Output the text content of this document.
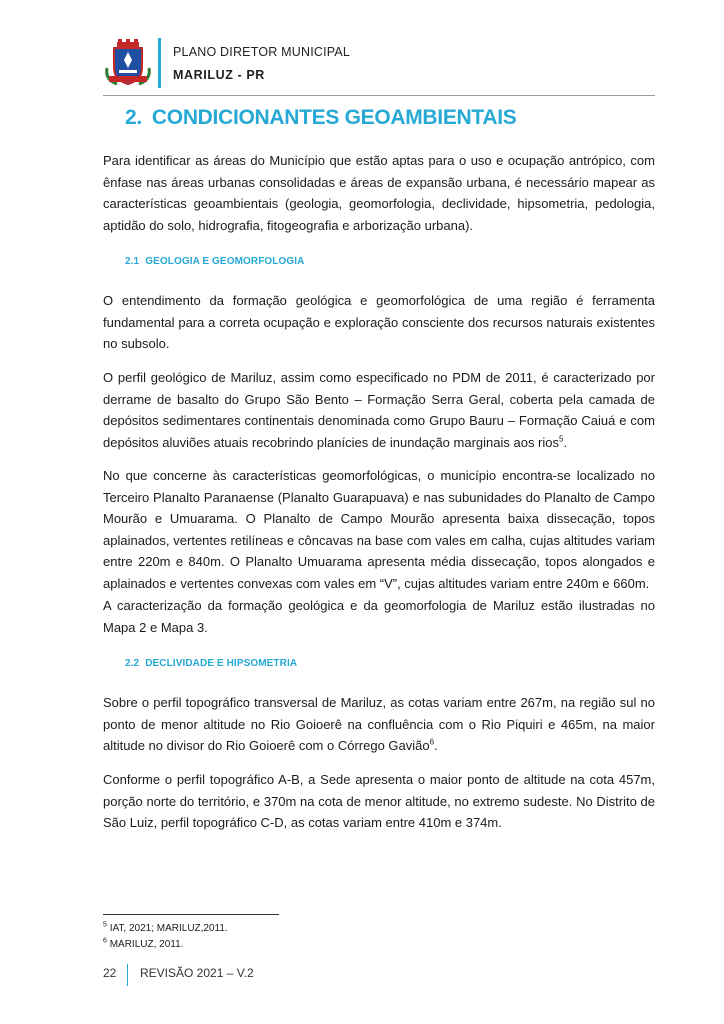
PLANO DIRETOR MUNICIPAL
MARILUZ - PR
2. CONDICIONANTES GEOAMBIENTAIS
Para identificar as áreas do Município que estão aptas para o uso e ocupação antrópico, com ênfase nas áreas urbanas consolidadas e áreas de expansão urbana, é necessário mapear as características geoambientais (geologia, geomorfologia, declividade, hipsometria, pedologia, aptidão do solo, hidrografia, fitogeografia e arborização urbana).
2.1 GEOLOGIA E GEOMORFOLOGIA
O entendimento da formação geológica e geomorfológica de uma região é ferramenta fundamental para a correta ocupação e exploração consciente dos recursos naturais existentes no subsolo.
O perfil geológico de Mariluz, assim como especificado no PDM de 2011, é caracterizado por derrame de basalto do Grupo São Bento – Formação Serra Geral, coberta pela camada de depósitos sedimentares continentais denominada como Grupo Bauru – Formação Caiuá e com depósitos aluviões atuais recobrindo planícies de inundação marginais aos rios$^5$.
No que concerne às características geomorfológicas, o município encontra-se localizado no Terceiro Planalto Paranaense (Planalto Guarapuava) e nas subunidades do Planalto de Campo Mourão e Umuarama. O Planalto de Campo Mourão apresenta baixa dissecação, topos aplainados, vertentes retilíneas e côncavas na base com vales em calha, cujas altitudes variam entre 220m e 840m. O Planalto Umuarama apresenta média dissecação, topos alongados e aplainados e vertentes convexas com vales em “V”, cujas altitudes variam entre 240m e 660m.
A caracterização da formação geológica e da geomorfologia de Mariluz estão ilustradas no Mapa 2 e Mapa 3.
2.2 DECLIVIDADE E HIPSOMETRIA
Sobre o perfil topográfico transversal de Mariluz, as cotas variam entre 267m, na região sul no ponto de menor altitude no Rio Goioerê na confluência com o Rio Piquiri e 465m, na maior altitude no divisor do Rio Goioerê com o Córrego Gavião$^6$.
Conforme o perfil topográfico A-B, a Sede apresenta o maior ponto de altitude na cota 457m, porção norte do território, e 370m na cota de menor altitude, no extremo sudeste. No Distrito de São Luiz, perfil topográfico C-D, as cotas variam entre 410m e 374m.
$^5$ IAT, 2021; MARILUZ,2011.
$^6$ MARILUZ, 2011.
22 REVISÃO 2021 – V.2
